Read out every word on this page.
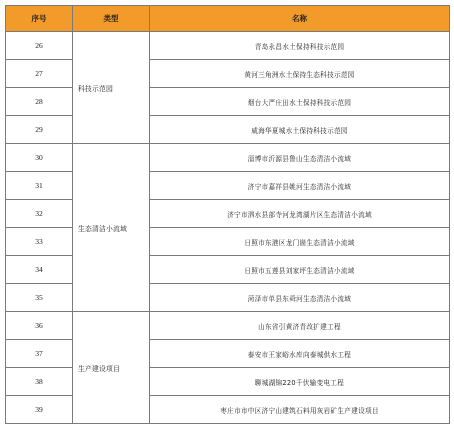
序号	类型	名称
26	科技示范园	青岛永昌水土保持科技示范园
27		黄河三角洲水土保持生态科技示范园
28		烟台大严庄田水土保持科技示范园
29		威海华夏城水土保持科技示范园
30	生态清洁小流域	淄博市沂源县鲁山生态清洁小流域
31		济宁市嘉祥县姚河生态清洁小流域
32		济宁市泗水县部寺河龙湾湖片区生态清洁小流域
33		日照市东港区龙门崮生态清洁小流域
34		日照市五莲县刘家坪生态清洁小流域
35		菏泽市单县东舜河生态清洁小流域
36	生产建设项目	山东省引黄济青改扩建工程
37		泰安市王家峪水库向泰城供水工程
38		聊城湖锦220千伏输变电工程
39		枣庄市市中区济宁山建筑石料用灰岩矿生产建设项目
